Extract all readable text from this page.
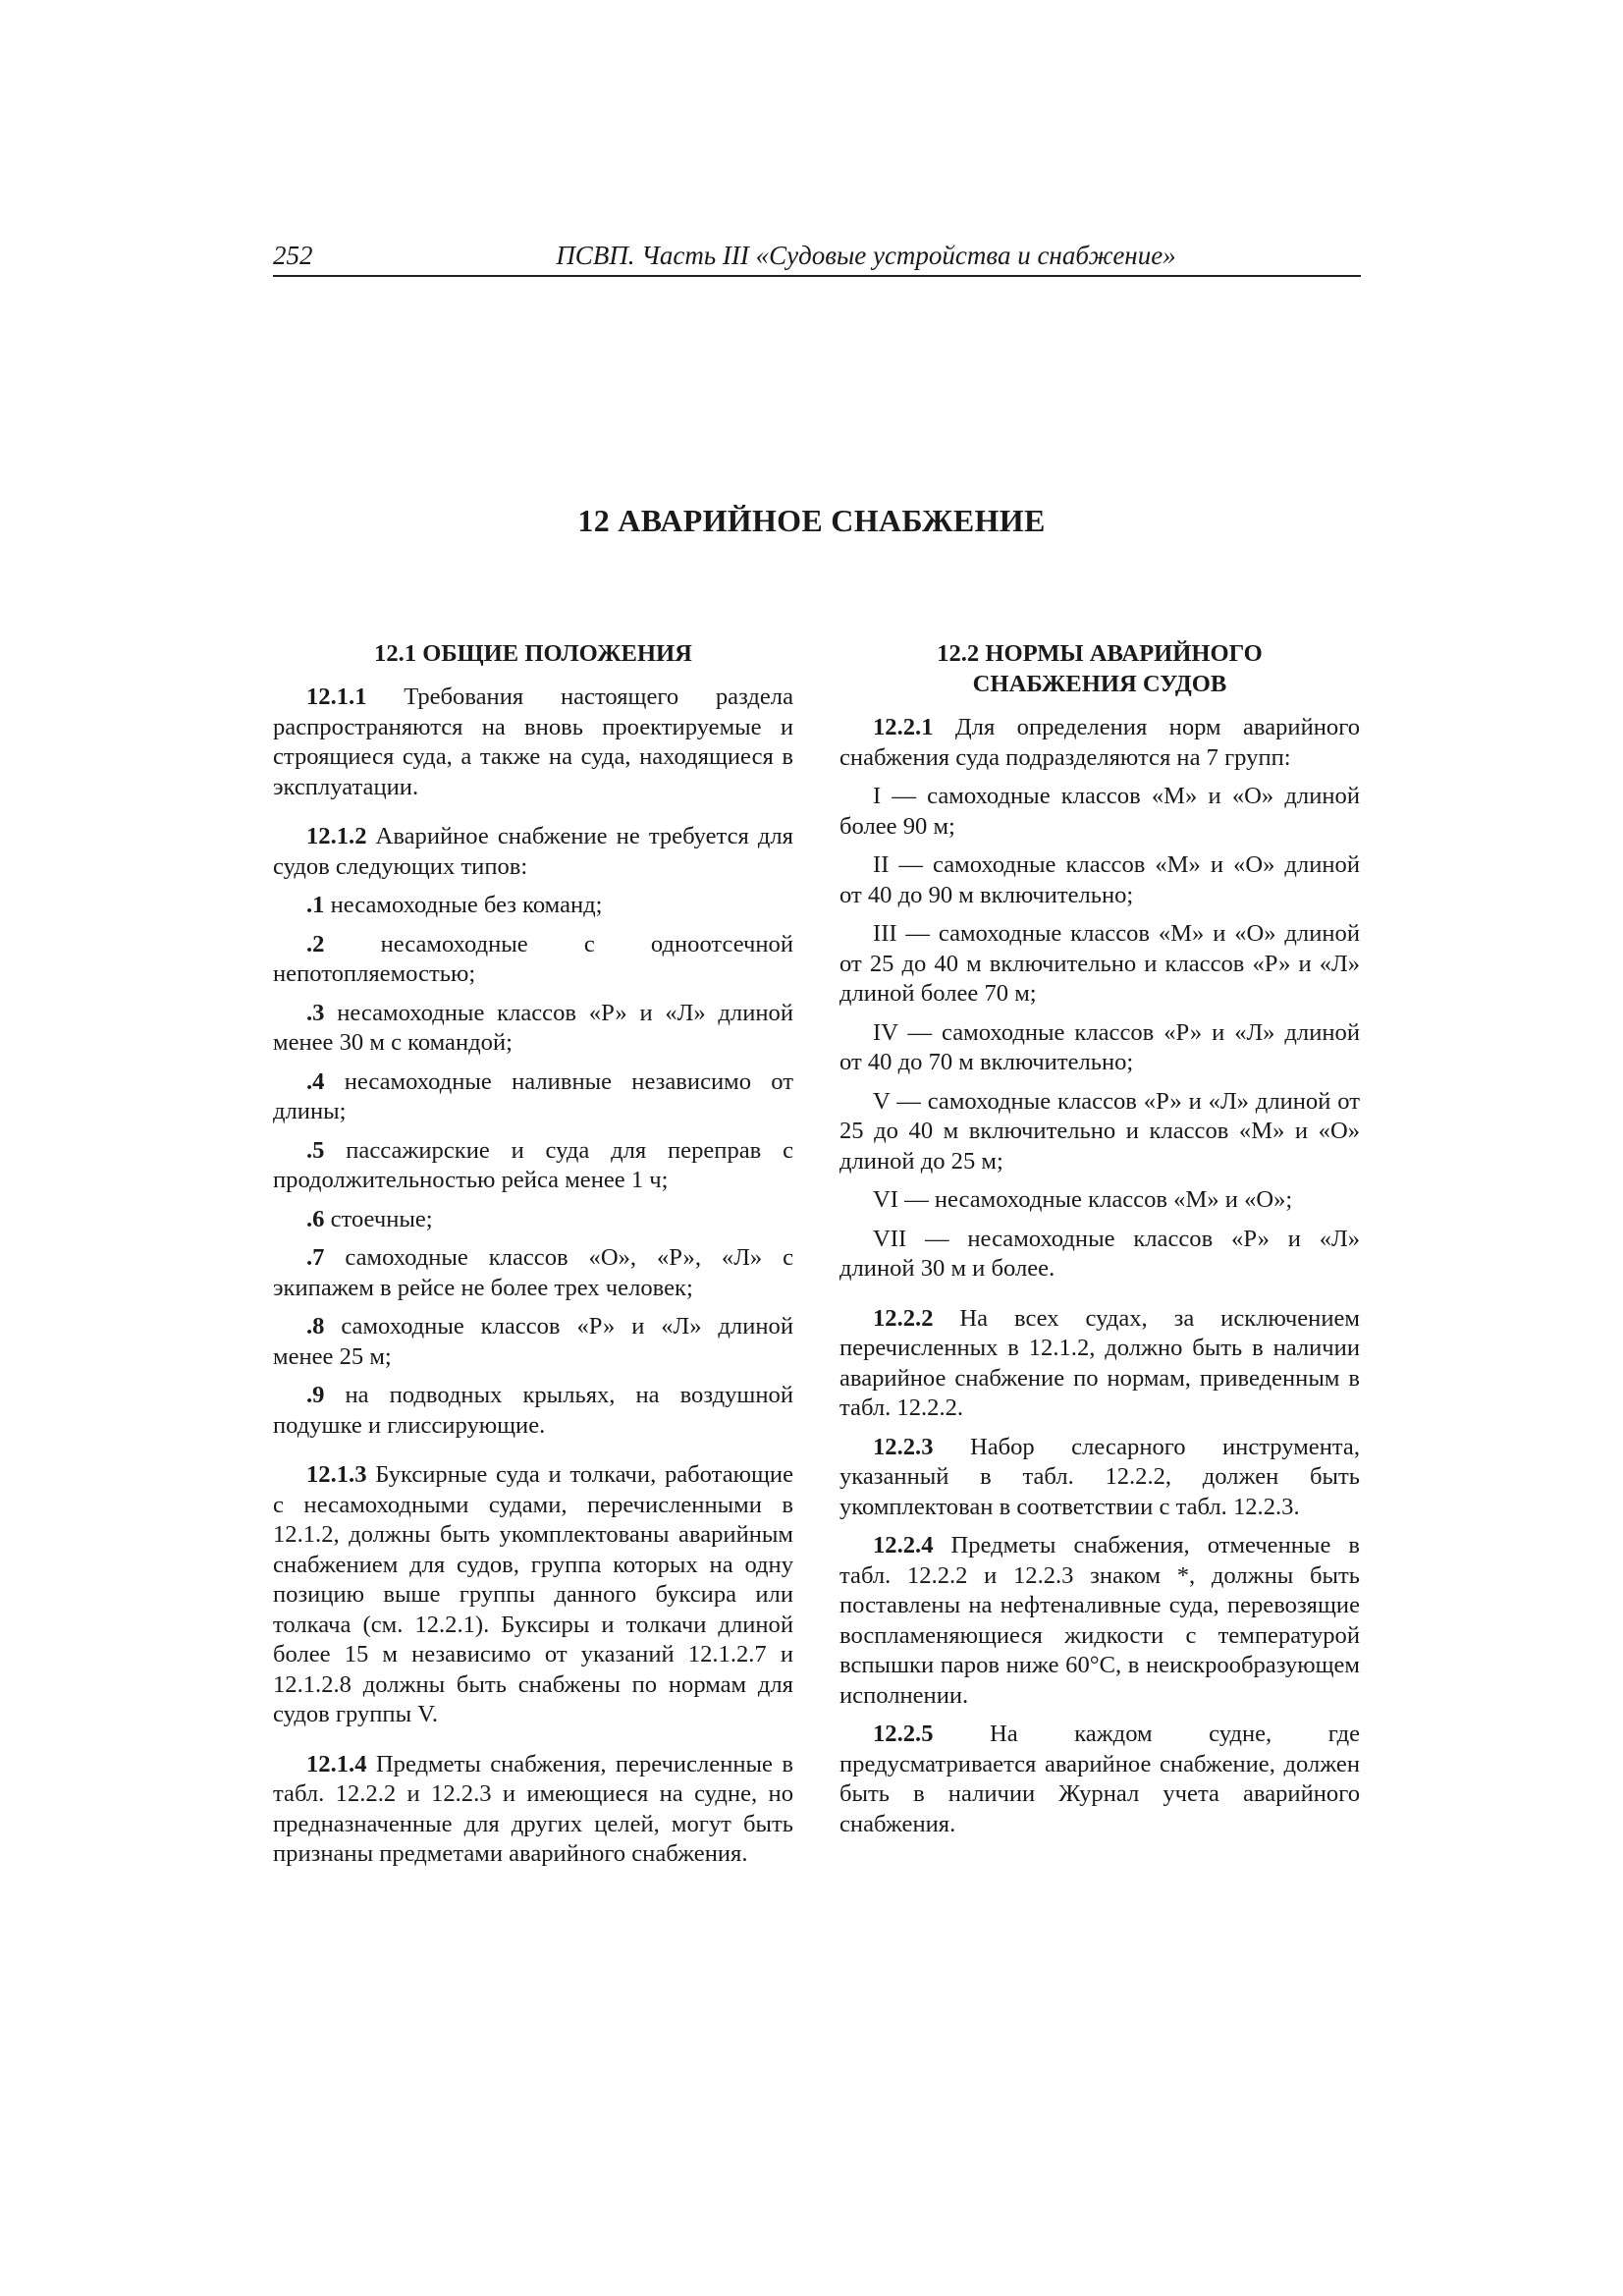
252	ПСВП. Часть III «Судовые устройства и снабжение»
12 АВАРИЙНОЕ СНАБЖЕНИЕ
12.1 ОБЩИЕ ПОЛОЖЕНИЯ

12.1.1 Требования настоящего раздела распространяются на вновь проектируемые и строящиеся суда, а также на суда, находящиеся в эксплуатации.

12.1.2 Аварийное снабжение не требуется для судов следующих типов:

.1 несамоходные без команд;

.2 несамоходные с одноотсечной непотопляемостью;

.3 несамоходные классов «Р» и «Л» длиной менее 30 м с командой;

.4 несамоходные наливные независимо от длины;

.5 пассажирские и суда для переправ с продолжительностью рейса менее 1 ч;

.6 стоечные;

.7 самоходные классов «О», «Р», «Л» с экипажем в рейсе не более трех человек;

.8 самоходные классов «Р» и «Л» длиной менее 25 м;

.9 на подводных крыльях, на воздушной подушке и глиссирующие.

12.1.3 Буксирные суда и толкачи, работающие с несамоходными судами, перечисленными в 12.1.2, должны быть укомплектованы аварийным снабжением для судов, группа которых на одну позицию выше группы данного буксира или толкача (см. 12.2.1). Буксиры и толкачи длиной более 15 м независимо от указаний 12.1.2.7 и 12.1.2.8 должны быть снабжены по нормам для судов группы V.

12.1.4 Предметы снабжения, перечисленные в табл. 12.2.2 и 12.2.3 и имеющиеся на судне, но предназначенные для других целей, могут быть признаны предметами аварийного снабжения.

12.2 НОРМЫ АВАРИЙНОГО
СНАБЖЕНИЯ СУДОВ

12.2.1 Для определения норм аварийного снабжения суда подразделяются на 7 групп:

I — самоходные классов «М» и «О» длиной более 90 м;

II — самоходные классов «М» и «О» длиной от 40 до 90 м включительно;

III — самоходные классов «М» и «О» длиной от 25 до 40 м включительно и классов «Р» и «Л» длиной более 70 м;

IV — самоходные классов «Р» и «Л» длиной от 40 до 70 м включительно;

V — самоходные классов «Р» и «Л» длиной от 25 до 40 м включительно и классов «М» и «О» длиной до 25 м;

VI — несамоходные классов «М» и «О»;

VII — несамоходные классов «Р» и «Л» длиной 30 м и более.

12.2.2 На всех судах, за исключением перечисленных в 12.1.2, должно быть в наличии аварийное снабжение по нормам, приведенным в табл. 12.2.2.

12.2.3 Набор слесарного инструмента, указанный в табл. 12.2.2, должен быть укомплектован в соответствии с табл. 12.2.3.

12.2.4 Предметы снабжения, отмеченные в табл. 12.2.2 и 12.2.3 знаком *, должны быть поставлены на нефтеналивные суда, перевозящие воспламеняющиеся жидкости с температурой вспышки паров ниже 60°С, в неискрообразующем исполнении.

12.2.5 На каждом судне, где предусматривается аварийное снабжение, должен быть в наличии Журнал учета аварийного снабжения.
